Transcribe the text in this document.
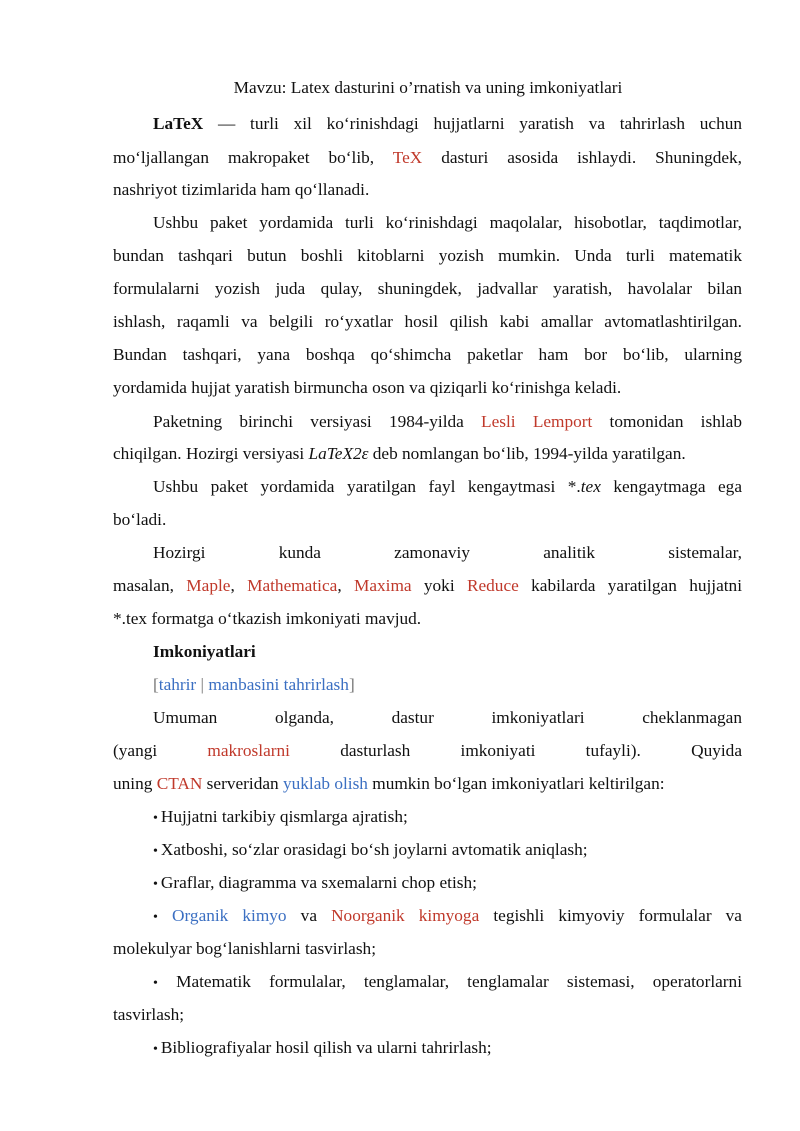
Mavzu: Latex dasturini o’rnatish va uning imkoniyatlari
LaTeX — turli xil ko‘rinishdagi hujjatlarni yaratish va tahrirlash uchun
mo‘ljallangan makropaket bo‘lib, TeX dasturi asosida ishlaydi. Shuningdek,
nashriyot tizimlarida ham qo‘llanadi.
Ushbu paket yordamida turli ko‘rinishdagi maqolalar, hisobotlar, taqdimotlar,
bundan tashqari butun boshli kitoblarni yozish mumkin. Unda turli matematik
formulalarni yozish juda qulay, shuningdek, jadvallar yaratish, havolalar bilan
ishlash, raqamli va belgili ro‘yxatlar hosil qilish kabi amallar avtomatlashtirilgan.
Bundan tashqari, yana boshqa qo‘shimcha paketlar ham bor bo‘lib, ularning
yordamida hujjat yaratish birmuncha oson va qiziqarli ko‘rinishga keladi.
Paketning birinchi versiyasi 1984-yilda Lesli Lemport tomonidan ishlab
chiqilgan. Hozirgi versiyasi LaTeX2ε deb nomlangan bo‘lib, 1994-yilda yaratilgan.
Ushbu paket yordamida yaratilgan fayl kengaytmasi *.tex kengaytmaga ega
bo‘ladi.
Hozirgi kunda zamonaviy analitik sistemalar,
masalan, Maple, Mathematica, Maxima yoki Reduce kabilarda yaratilgan hujjatni
*.tex formatga o‘tkazish imkoniyati mavjud.
Imkoniyatlari
[tahrir | manbasini tahrirlash]
Umuman olganda, dastur imkoniyatlari cheklanmagan
(yangi makroslarni	dasturlash imkoniyati tufayli). Quyida
uning CTAN serveridan yuklab olish mumkin bo‘lgan imkoniyatlari keltirilgan:
• Hujjatni tarkibiy qismlarga ajratish;
• Xatboshi, so‘zlar orasidagi bo‘sh joylarni avtomatik aniqlash;
• Graflar, diagramma va sxemalarni chop etish;
• Organik kimyo va Noorganik kimyoga tegishli kimyoviy formulalar va
molekulyar bog‘lanishlarni tasvirlash;
• Matematik formulalar, tenglamalar, tenglamalar sistemasi, operatorlarni
tasvirlash;
• Bibliografiyalar hosil qilish va ularni tahrirlash;
